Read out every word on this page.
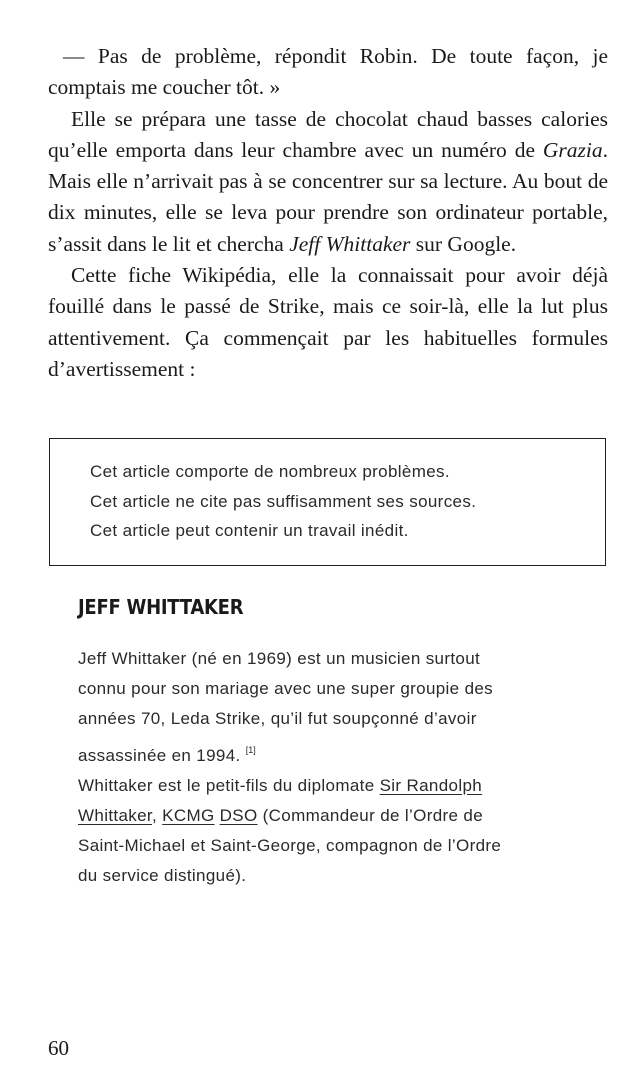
— Pas de problème, répondit Robin. De toute façon, je comptais me coucher tôt. »

Elle se prépara une tasse de chocolat chaud basses calories qu’elle emporta dans leur chambre avec un numéro de Grazia. Mais elle n’arrivait pas à se concentrer sur sa lecture. Au bout de dix minutes, elle se leva pour prendre son ordinateur portable, s’assit dans le lit et chercha Jeff Whittaker sur Google.

Cette fiche Wikipédia, elle la connaissait pour avoir déjà fouillé dans le passé de Strike, mais ce soir-là, elle la lut plus attentivement. Ça commençait par les habituelles formules d’avertissement :

Cet article comporte de nombreux problèmes.
Cet article ne cite pas suffisamment ses sources.
Cet article peut contenir un travail inédit.
JEFF WHITTAKER
Jeff Whittaker (né en 1969) est un musicien surtout
connu pour son mariage avec une super groupie des
années 70, Leda Strike, qu’il fut soupçonné d’avoir
assassinée en 1994. [1]
Whittaker est le petit-fils du diplomate Sir Randolph
Whittaker, KCMG DSO (Commandeur de l’Ordre de
Saint-Michael et Saint-George, compagnon de l’Ordre
du service distingué).
60
